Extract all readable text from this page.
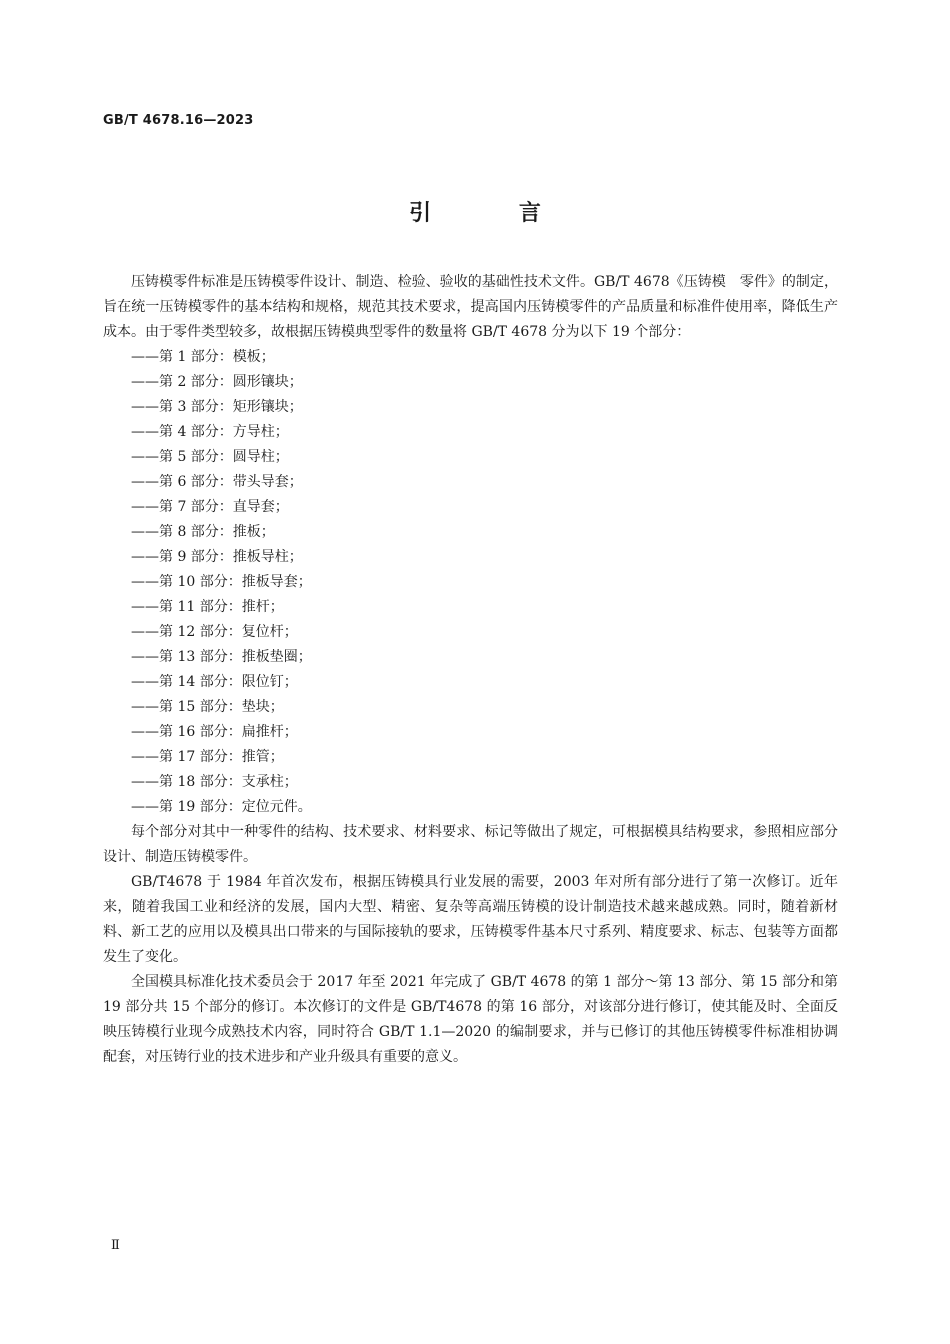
GB/T 4678.16—2023
引 言

压铸模零件标准是压铸模零件设计、制造、检验、验收的基础性技术文件。GB/T 4678《压铸模　零件》的制定，旨在统一压铸模零件的基本结构和规格，规范其技术要求，提高国内压铸模零件的产品质量和标准件使用率，降低生产成本。由于零件类型较多，故根据压铸模典型零件的数量将 GB/T 4678 分为以下 19 个部分：

——第 1 部分：模板；
——第 2 部分：圆形镶块；
——第 3 部分：矩形镶块；
——第 4 部分：方导柱；
——第 5 部分：圆导柱；
——第 6 部分：带头导套；
——第 7 部分：直导套；
——第 8 部分：推板；
——第 9 部分：推板导柱；
——第 10 部分：推板导套；
——第 11 部分：推杆；
——第 12 部分：复位杆；
——第 13 部分：推板垫圈；
——第 14 部分：限位钉；
——第 15 部分：垫块；
——第 16 部分：扁推杆；
——第 17 部分：推管；
——第 18 部分：支承柱；
——第 19 部分：定位元件。

每个部分对其中一种零件的结构、技术要求、材料要求、标记等做出了规定，可根据模具结构要求，参照相应部分设计、制造压铸模零件。

GB/T4678 于 1984 年首次发布，根据压铸模具行业发展的需要，2003 年对所有部分进行了第一次修订。近年来，随着我国工业和经济的发展，国内大型、精密、复杂等高端压铸模的设计制造技术越来越成熟。同时，随着新材料、新工艺的应用以及模具出口带来的与国际接轨的要求，压铸模零件基本尺寸系列、精度要求、标志、包装等方面都发生了变化。

全国模具标准化技术委员会于 2017 年至 2021 年完成了 GB/T 4678 的第 1 部分～第 13 部分、第 15 部分和第 19 部分共 15 个部分的修订。本次修订的文件是 GB/T4678 的第 16 部分，对该部分进行修订，使其能及时、全面反映压铸模行业现今成熟技术内容，同时符合 GB/T 1.1—2020 的编制要求，并与已修订的其他压铸模零件标准相协调配套，对压铸行业的技术进步和产业升级具有重要的意义。

Ⅱ
